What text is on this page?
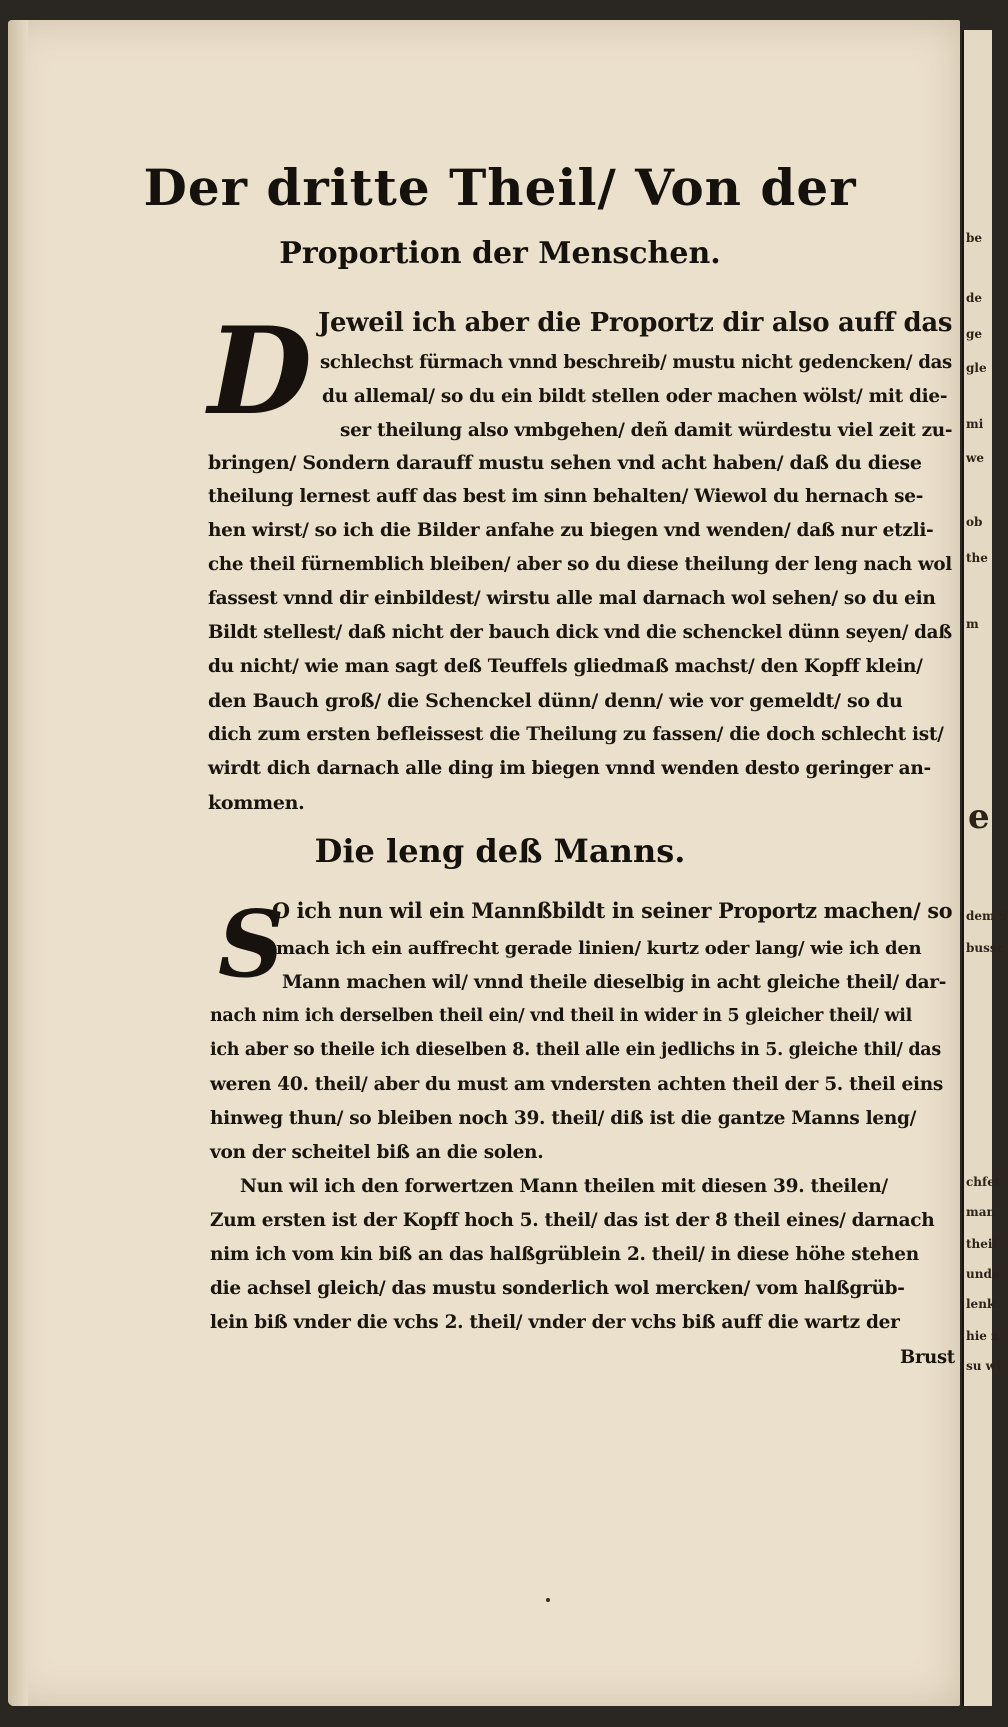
be
de
ge
gle
mi
we
ob
the
m
e
dem S
bussc
chfet
man
theil
unde
lenk
hie z
su wi
Der dritte Theil/ Von der
Proportion der Menschen.
D Jeweil ich aber die Proportz dir also auff das
schlechst fürmach vnnd beschreib/ mustu nicht gedencken/ das
du allemal/ so du ein bildt stellen oder machen wölst/ mit die-
ser theilung also vmbgehen/ deñ damit würdestu viel zeit zu-
bringen/ Sondern darauff mustu sehen vnd acht haben/ daß du diese
theilung lernest auff das best im sinn behalten/ Wiewol du hernach se-
hen wirst/ so ich die Bilder anfahe zu biegen vnd wenden/ daß nur etzli-
che theil fürnemblich bleiben/ aber so du diese theilung der leng nach wol
fassest vnnd dir einbildest/ wirstu alle mal darnach wol sehen/ so du ein
Bildt stellest/ daß nicht der bauch dick vnd die schenckel dünn seyen/ daß
du nicht/ wie man sagt deß Teuffels gliedmaß machst/ den Kopff klein/
den Bauch groß/ die Schenckel dünn/ denn/ wie vor gemeldt/ so du
dich zum ersten befleissest die Theilung zu fassen/ die doch schlecht ist/
wirdt dich darnach alle ding im biegen vnnd wenden desto geringer an-
kommen.
Die leng deß Manns.
S
O ich nun wil ein Mannßbildt in seiner Proportz machen/ so
mach ich ein auffrecht gerade linien/ kurtz oder lang/ wie ich den
Mann machen wil/ vnnd theile dieselbig in acht gleiche theil/ dar-
nach nim ich derselben theil ein/ vnd theil in wider in 5 gleicher theil/ wil
ich aber so theile ich dieselben 8. theil alle ein jedlichs in 5. gleiche thil/ das
weren 40. theil/ aber du must am vndersten achten theil der 5. theil eins
hinweg thun/ so bleiben noch 39. theil/ diß ist die gantze Manns leng/
von der scheitel biß an die solen.
Nun wil ich den forwertzen Mann theilen mit diesen 39. theilen/
Zum ersten ist der Kopff hoch 5. theil/ das ist der 8 theil eines/ darnach
nim ich vom kin biß an das halßgrüblein 2. theil/ in diese höhe stehen
die achsel gleich/ das mustu sonderlich wol mercken/ vom halßgrüb-
lein biß vnder die vchs 2. theil/ vnder der vchs biß auff die wartz der
Brust
